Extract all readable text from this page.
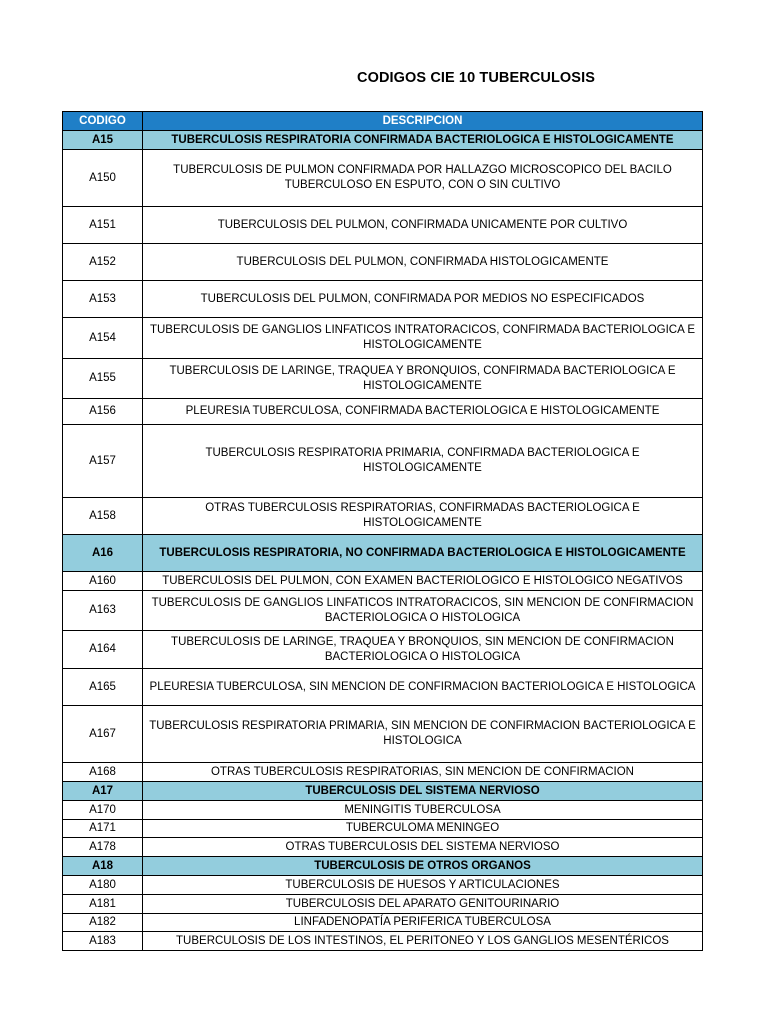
CODIGOS CIE 10 TUBERCULOSIS
CODIGO	DESCRIPCION
A15	TUBERCULOSIS RESPIRATORIA CONFIRMADA BACTERIOLOGICA E HISTOLOGICAMENTE
A150	TUBERCULOSIS DE PULMON CONFIRMADA POR HALLAZGO MICROSCOPICO DEL BACILO TUBERCULOSO EN ESPUTO, CON O SIN CULTIVO
A151	TUBERCULOSIS DEL PULMON, CONFIRMADA UNICAMENTE POR CULTIVO
A152	TUBERCULOSIS DEL PULMON, CONFIRMADA HISTOLOGICAMENTE
A153	TUBERCULOSIS DEL PULMON, CONFIRMADA POR MEDIOS NO ESPECIFICADOS
A154	TUBERCULOSIS DE GANGLIOS LINFATICOS INTRATORACICOS, CONFIRMADA BACTERIOLOGICA E HISTOLOGICAMENTE
A155	TUBERCULOSIS DE LARINGE, TRAQUEA Y BRONQUIOS, CONFIRMADA BACTERIOLOGICA E HISTOLOGICAMENTE
A156	PLEURESIA TUBERCULOSA, CONFIRMADA BACTERIOLOGICA E HISTOLOGICAMENTE
A157	TUBERCULOSIS RESPIRATORIA PRIMARIA, CONFIRMADA BACTERIOLOGICA E HISTOLOGICAMENTE
A158	OTRAS TUBERCULOSIS RESPIRATORIAS, CONFIRMADAS BACTERIOLOGICA E HISTOLOGICAMENTE
A16	TUBERCULOSIS RESPIRATORIA, NO CONFIRMADA BACTERIOLOGICA E HISTOLOGICAMENTE
A160	TUBERCULOSIS DEL PULMON, CON EXAMEN BACTERIOLOGICO E HISTOLOGICO NEGATIVOS
A163	TUBERCULOSIS DE GANGLIOS LINFATICOS INTRATORACICOS, SIN MENCION DE CONFIRMACION BACTERIOLOGICA O HISTOLOGICA
A164	TUBERCULOSIS DE LARINGE, TRAQUEA Y BRONQUIOS, SIN MENCION DE CONFIRMACION BACTERIOLOGICA O HISTOLOGICA
A165	PLEURESIA TUBERCULOSA, SIN MENCION DE CONFIRMACION BACTERIOLOGICA E HISTOLOGICA
A167	TUBERCULOSIS RESPIRATORIA PRIMARIA, SIN MENCION DE CONFIRMACION BACTERIOLOGICA E HISTOLOGICA
A168	OTRAS TUBERCULOSIS RESPIRATORIAS, SIN MENCION DE CONFIRMACION
A17	TUBERCULOSIS DEL SISTEMA NERVIOSO
A170	MENINGITIS TUBERCULOSA
A171	TUBERCULOMA MENINGEO
A178	OTRAS TUBERCULOSIS DEL SISTEMA NERVIOSO
A18	TUBERCULOSIS DE OTROS ORGANOS
A180	TUBERCULOSIS DE HUESOS Y ARTICULACIONES
A181	TUBERCULOSIS DEL APARATO GENITOURINARIO
A182	LINFADENOPATÍA PERIFERICA TUBERCULOSA
A183	TUBERCULOSIS DE LOS INTESTINOS, EL PERITONEO Y LOS GANGLIOS MESENTÉRICOS
